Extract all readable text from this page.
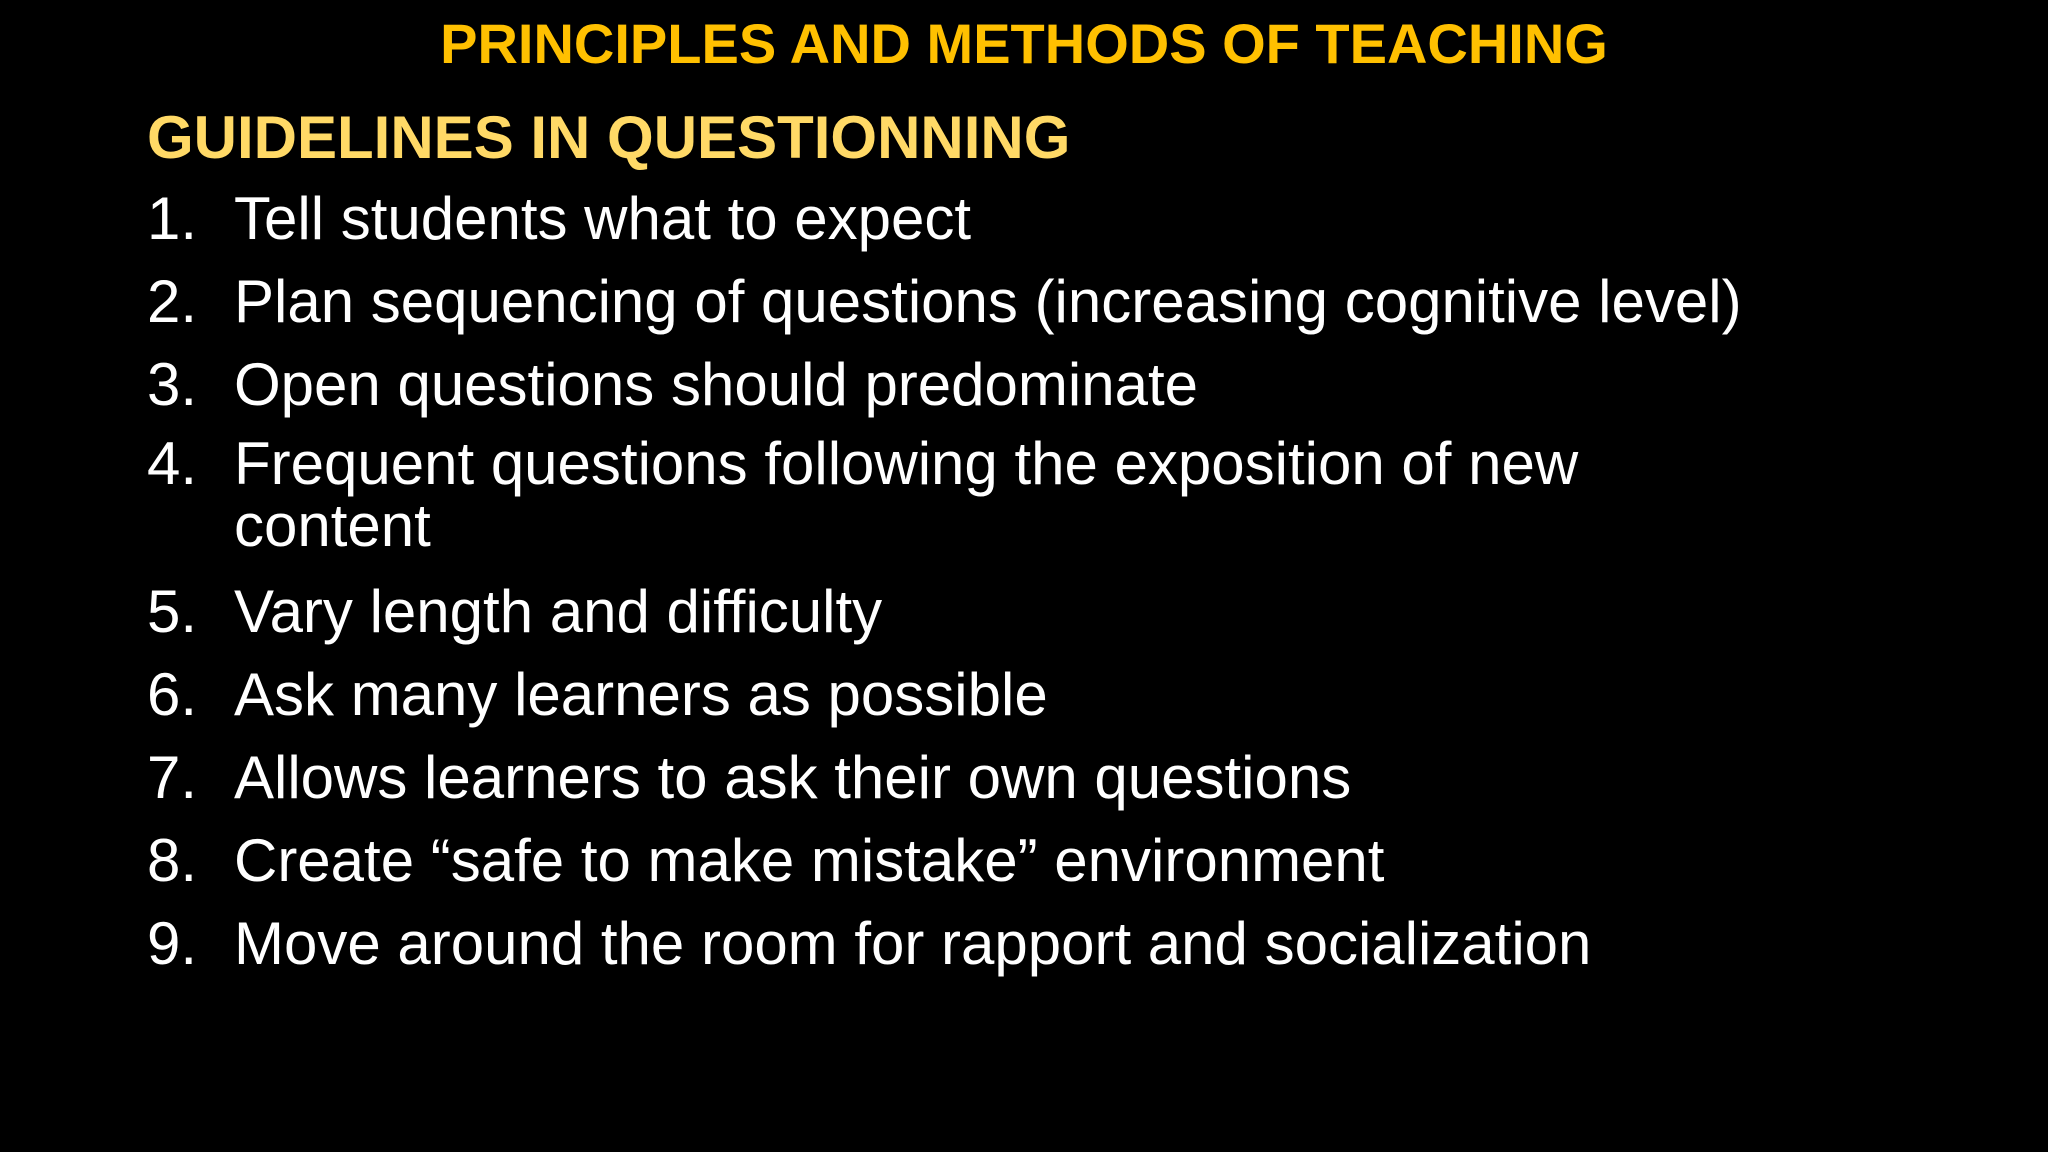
PRINCIPLES AND METHODS OF TEACHING
GUIDELINES IN QUESTIONNING
1. Tell students what to expect
2. Plan sequencing of questions (increasing cognitive level)
3. Open questions should predominate
4. Frequent questions following the exposition of new content
5. Vary length and difficulty
6. Ask many learners as possible
7. Allows learners to ask their own questions
8. Create “safe to make mistake” environment
9. Move around the room for rapport and socialization
